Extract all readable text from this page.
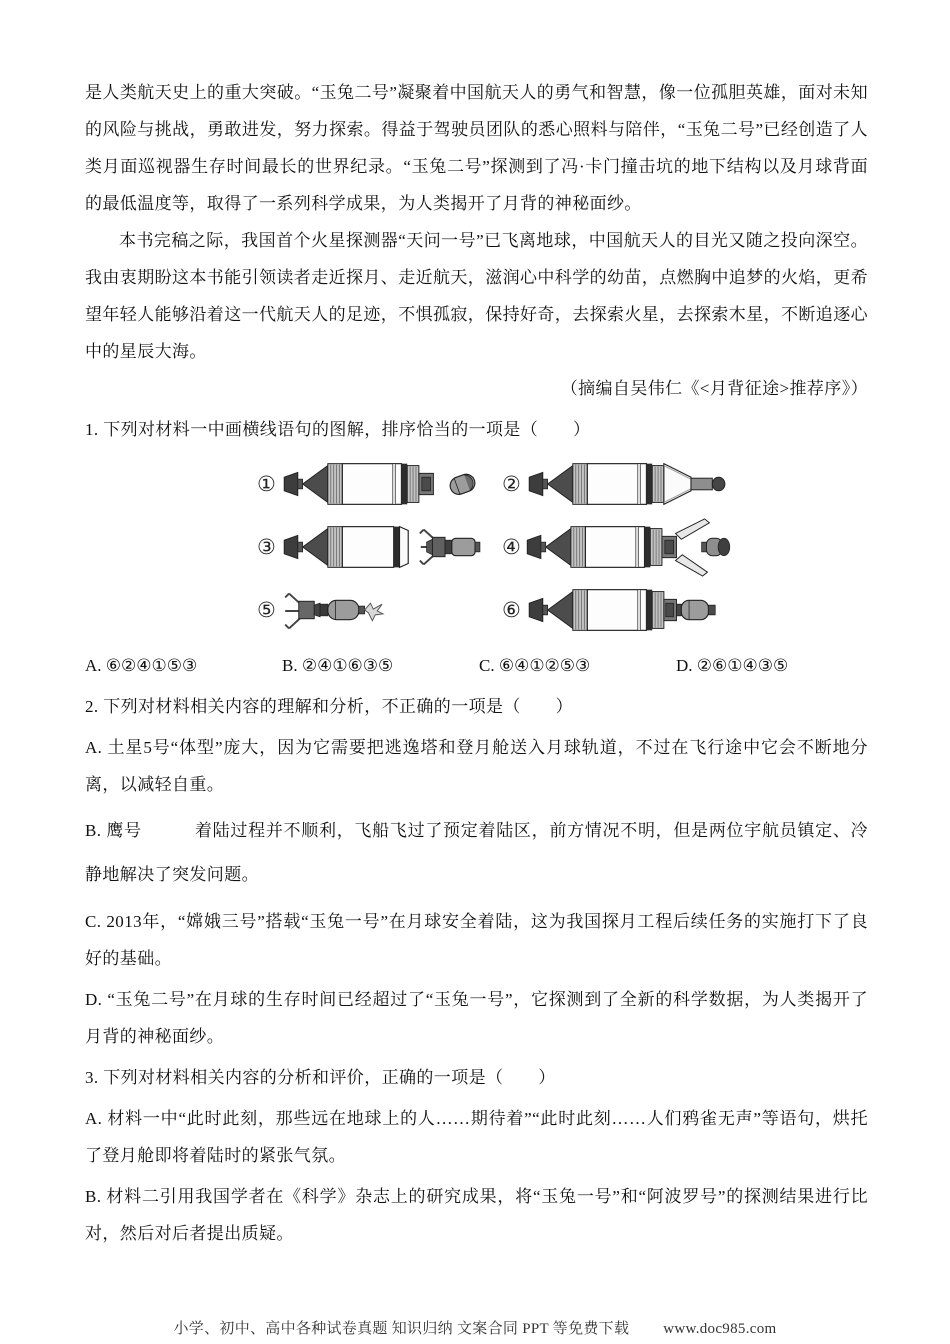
是人类航天史上的重大突破。“玉兔二号”凝聚着中国航天人的勇气和智慧，像一位孤胆英雄，面对未知的风险与挑战，勇敢进发，努力探索。得益于驾驶员团队的悉心照料与陪伴，“玉兔二号”已经创造了人类月面巡视器生存时间最长的世界纪录。“玉兔二号”探测到了冯·卡门撞击坑的地下结构以及月球背面的最低温度等，取得了一系列科学成果，为人类揭开了月背的神秘面纱。

本书完稿之际，我国首个火星探测器“天问一号”已飞离地球，中国航天人的目光又随之投向深空。我由衷期盼这本书能引领读者走近探月、走近航天，滋润心中科学的幼苗，点燃胸中追梦的火焰，更希望年轻人能够沿着这一代航天人的足迹，不惧孤寂，保持好奇，去探索火星，去探索木星，不断追逐心中的星辰大海。

（摘编自吴伟仁《<月背征途>推荐序》）

1. 下列对材料一中画横线语句的图解，排序恰当的一项是（　　）

①	②
③	④
⑤	⑥
A. ⑥②④①⑤③	B. ②④①⑥③⑤	C. ⑥④①②⑤③	D. ②⑥①④③⑤

2. 下列对材料相关内容的理解和分析，不正确的一项是（　　）

A. 土星5号“体型”庞大，因为它需要把逃逸塔和登月舱送入月球轨道，不过在飞行途中它会不断地分离，以减轻自重。

B. 鹰号　　　着陆过程并不顺利，飞船飞过了预定着陆区，前方情况不明，但是两位宇航员镇定、冷静地解决了突发问题。

C. 2013年，“嫦娥三号”搭载“玉兔一号”在月球安全着陆，这为我国探月工程后续任务的实施打下了良好的基础。

D. “玉兔二号”在月球的生存时间已经超过了“玉兔一号”，它探测到了全新的科学数据，为人类揭开了月背的神秘面纱。

3. 下列对材料相关内容的分析和评价，正确的一项是（　　）

A. 材料一中“此时此刻，那些远在地球上的人……期待着”“此时此刻……人们鸦雀无声”等语句，烘托了登月舱即将着陆时的紧张气氛。

B. 材料二引用我国学者在《科学》杂志上的研究成果，将“玉兔一号”和“阿波罗号”的探测结果进行比对，然后对后者提出质疑。

小学、初中、高中各种试卷真题 知识归纳 文案合同 PPT 等免费下载 www.doc985.com
